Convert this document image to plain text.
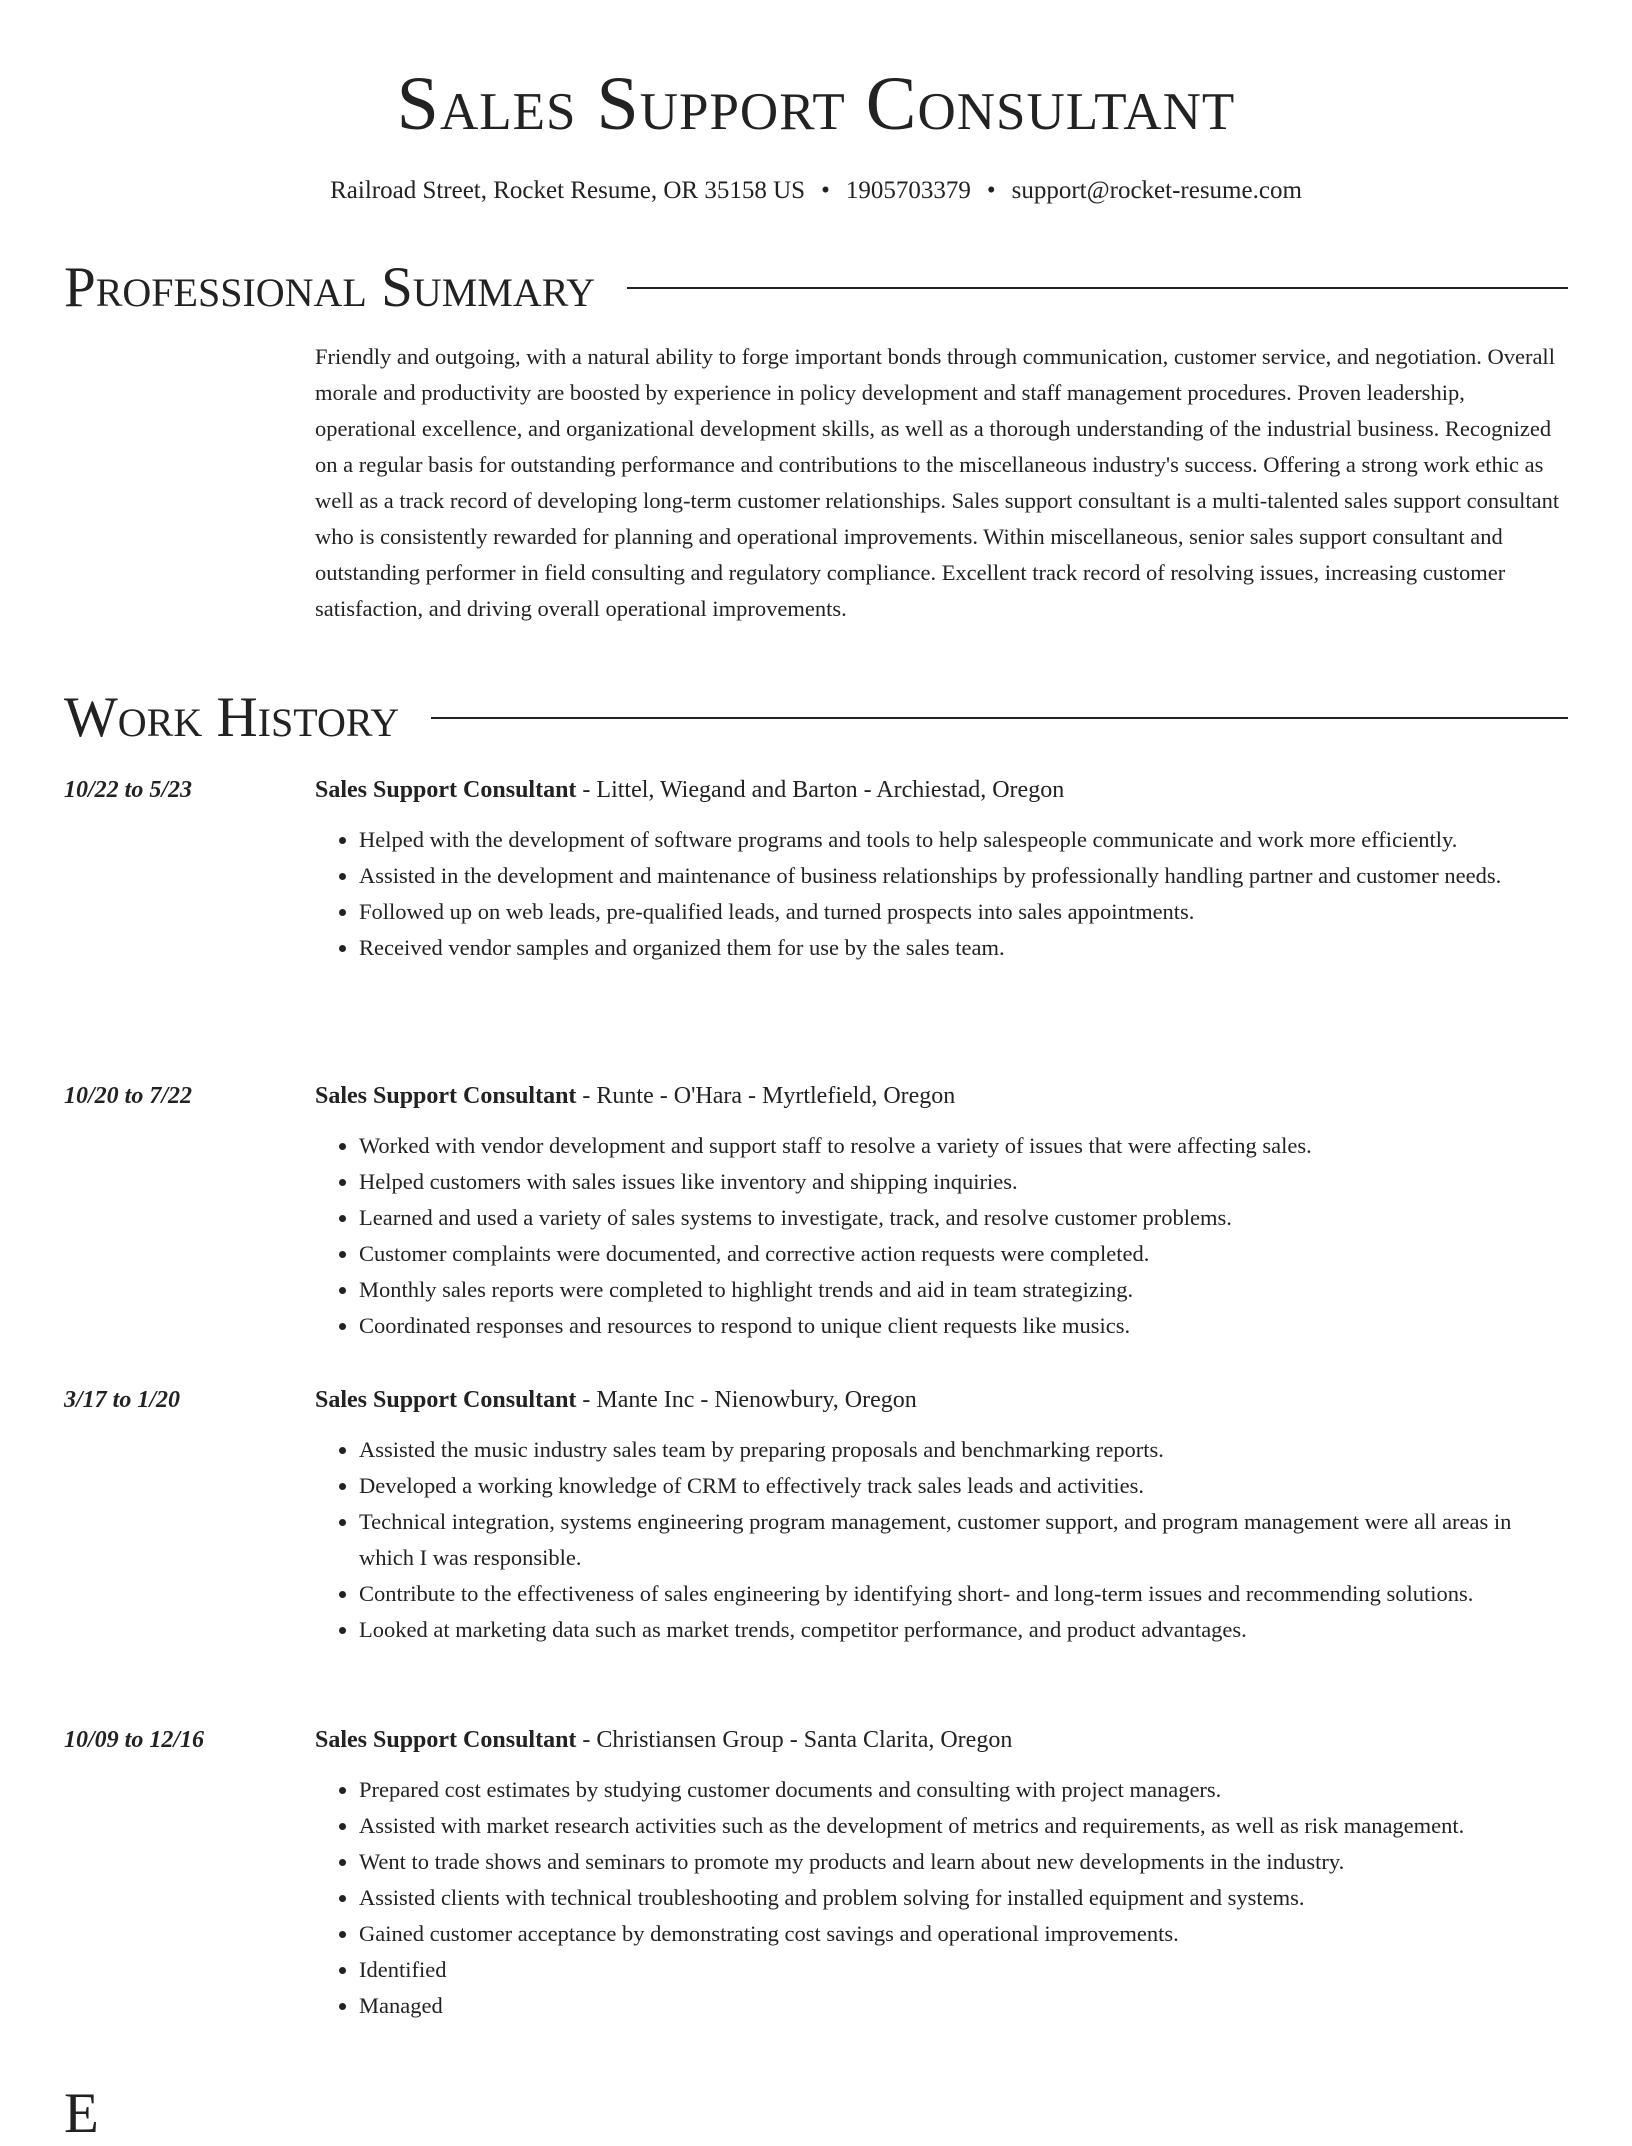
Sales Support Consultant
Railroad Street, Rocket Resume, OR 35158 US • 1905703379 • support@rocket-resume.com
Professional Summary

Friendly and outgoing, with a natural ability to forge important bonds through communication, customer service, and negotiation. Overall morale and productivity are boosted by experience in policy development and staff management procedures. Proven leadership, operational excellence, and organizational development skills, as well as a thorough understanding of the industrial business. Recognized on a regular basis for outstanding performance and contributions to the miscellaneous industry's success. Offering a strong work ethic as well as a track record of developing long-term customer relationships. Sales support consultant is a multi-talented sales support consultant who is consistently rewarded for planning and operational improvements. Within miscellaneous, senior sales support consultant and outstanding performer in field consulting and regulatory compliance. Excellent track record of resolving issues, increasing customer satisfaction, and driving overall operational improvements.

Work History
10/22 to 5/23	Sales Support Consultant - Littel, Wiegand and Barton - Archiestad, Oregon
• Helped with the development of software programs and tools to help salespeople communicate and work more efficiently.
• Assisted in the development and maintenance of business relationships by professionally handling partner and customer needs.
• Followed up on web leads, pre-qualified leads, and turned prospects into sales appointments.
• Received vendor samples and organized them for use by the sales team.
10/20 to 7/22	Sales Support Consultant - Runte - O'Hara - Myrtlefield, Oregon
• Worked with vendor development and support staff to resolve a variety of issues that were affecting sales.
• Helped customers with sales issues like inventory and shipping inquiries.
• Learned and used a variety of sales systems to investigate, track, and resolve customer problems.
• Customer complaints were documented, and corrective action requests were completed.
• Monthly sales reports were completed to highlight trends and aid in team strategizing.
• Coordinated responses and resources to respond to unique client requests like musics.
3/17 to 1/20	Sales Support Consultant - Mante Inc - Nienowbury, Oregon
• Assisted the music industry sales team by preparing proposals and benchmarking reports.
• Developed a working knowledge of CRM to effectively track sales leads and activities.
• Technical integration, systems engineering program management, customer support, and program management were all areas in which I was responsible.
• Contribute to the effectiveness of sales engineering by identifying short- and long-term issues and recommending solutions.
• Looked at marketing data such as market trends, competitor performance, and product advantages.
10/09 to 12/16	Sales Support Consultant - Christiansen Group - Santa Clarita, Oregon
• Prepared cost estimates by studying customer documents and consulting with project managers.
• Assisted with market research activities such as the development of metrics and requirements, as well as risk management.
• Went to trade shows and seminars to promote my products and learn about new developments in the industry.
• Assisted clients with technical troubleshooting and problem solving for installed equipment and systems.
• Gained customer acceptance by demonstrating cost savings and operational improvements.
• Identified
• Managed
E
